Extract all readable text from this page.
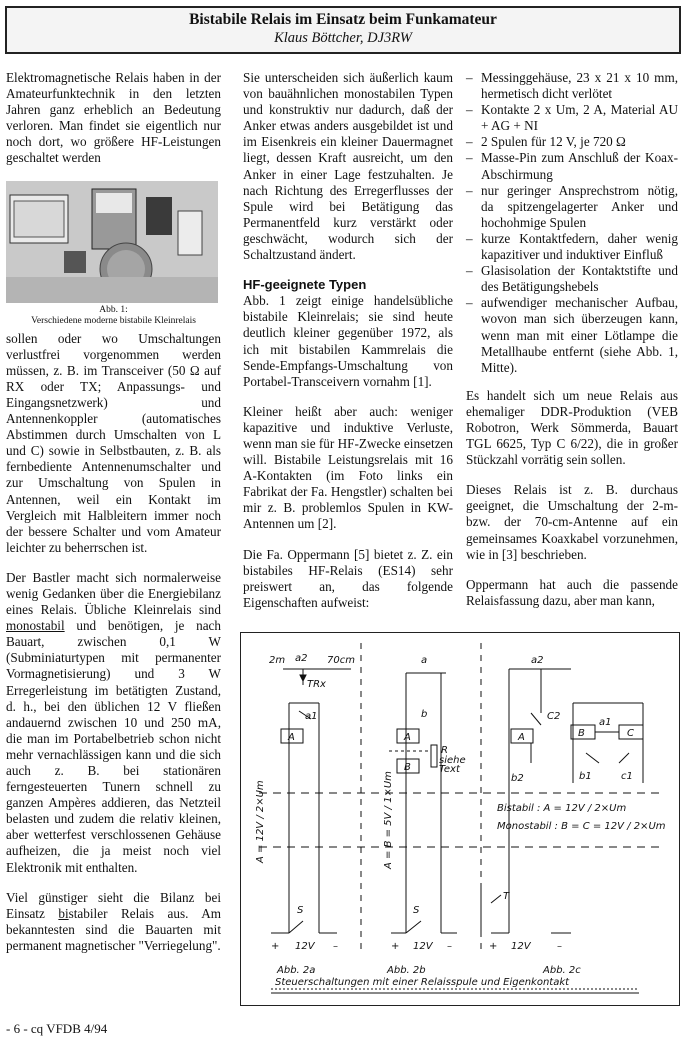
Bistabile Relais im Einsatz beim Funkamateur
Klaus Böttcher, DJ3RW

Elektromagnetische Relais haben in der Amateurfunktechnik in den letzten Jahren ganz erheblich an Bedeutung verloren. Man findet sie eigentlich nur noch dort, wo größere HF-Leistungen geschaltet werden

Abb. 1:
Verschiedene moderne bistabile Kleinrelais

sollen oder wo Umschaltungen verlustfrei vorgenommen werden müssen, z. B. im Transceiver (50 Ω auf RX oder TX; Anpassungs- und Eingangsnetzwerk) und Antennenkoppler (automatisches Abstimmen durch Umschalten von L und C) sowie in Selbstbauten, z. B. als fernbediente Antennenumschalter und zur Umschaltung von Spulen in Antennen, weil ein Kontakt im Vergleich mit Halbleitern immer noch der bessere Schalter und vom Amateur leichter zu beherrschen ist.

Der Bastler macht sich normalerweise wenig Gedanken über die Energiebilanz eines Relais. Übliche Kleinrelais sind monostabil und benötigen, je nach Bauart, zwischen 0,1 W (Subminiaturtypen mit permanenter Vormagnetisierung) und 3 W Erregerleistung im betätigten Zustand, d. h., bei den üblichen 12 V fließen andauernd zwischen 10 und 250 mA, die man im Portabelbetrieb schon nicht mehr vernachlässigen kann und die sich auch z. B. bei stationären ferngesteuerten Tunern schnell zu ganzen Ampères addieren, das Netzteil belasten und zudem die relativ kleinen, aber wetterfest verschlossenen Gehäuse aufheizen, die ja meist noch viel Elektronik mit enthalten.

Viel günstiger sieht die Bilanz bei Einsatz bistabiler Relais aus. Am bekanntesten sind die Bauarten mit permanent magnetischer "Verriegelung".

Sie unterscheiden sich äußerlich kaum von bauähnlichen monostabilen Typen und konstruktiv nur dadurch, daß der Anker etwas anders ausgebildet ist und im Eisenkreis ein kleiner Dauermagnet liegt, dessen Kraft ausreicht, um den Anker in einer Lage festzuhalten. Je nach Richtung des Erregerflusses der Spule wird bei Betätigung das Permanentfeld kurz verstärkt oder geschwächt, wodurch sich der Schaltzustand ändert.

HF-geeignete Typen

Abb. 1 zeigt einige handelsübliche bistabile Kleinrelais; sie sind heute deutlich kleiner gegenüber 1972, als ich mit bistabilen Kammrelais die Sende-Empfangs-Umschaltung von Portabel-Transceivern vornahm [1].

Kleiner heißt aber auch: weniger kapazitive und induktive Verluste, wenn man sie für HF-Zwecke einsetzen will. Bistabile Leistungsrelais mit 16 A-Kontakten (im Foto links ein Fabrikat der Fa. Hengstler) schalten bei mir z. B. problemlos Spulen in KW-Antennen um [2].

Die Fa. Oppermann [5] bietet z. Z. ein bistabiles HF-Relais (ES14) sehr preiswert an, das folgende Eigenschaften aufweist:

– Messinggehäuse, 23 x 21 x 10 mm, hermetisch dicht verlötet
– Kontakte 2 x Um, 2 A, Material AU + AG + NI
– 2 Spulen für 12 V, je 720 Ω
– Masse-Pin zum Anschluß der Koax-Abschirmung
– nur geringer Ansprechstrom nötig, da spitzengelagerter Anker und hochohmige Spulen
– kurze Kontaktfedern, daher wenig kapazitiver und induktiver Einfluß
– Glasisolation der Kontaktstifte und des Betätigungshebels
– aufwendiger mechanischer Aufbau, wovon man sich überzeugen kann, wenn man mit einer Lötlampe die Metallhaube entfernt (siehe Abb. 1, Mitte).

Es handelt sich um neue Relais aus ehemaliger DDR-Produktion (VEB Robotron, Werk Sömmerda, Bauart TGL 6625, Typ C 6/22), die in großer Stückzahl vorrätig sein sollen.

Dieses Relais ist z. B. durchaus geeignet, die Umschaltung der 2-m- bzw. der 70-cm-Antenne auf ein gemeinsames Koaxkabel vorzunehmen, wie in [3] beschrieben.

Oppermann hat auch die passende Relaisfassung dazu, aber man kann,

2m a2 70cm
TRx
a1
A
A = 12V / 2×Um
S
+ 12V –
a
b
A
B
R
siehe
Text
A = B = 5V / 1×Um
S
+ 12V –
a2
C2
A
b2
B
a1
C
b1	c1
Bistabil : A = 12V / 2×Um
Monostabil : B = C = 12V / 2×Um
T
+ 12V	–
Abb. 2a	Abb. 2b	Abb. 2c
Steuerschaltungen mit einer Relaisspule und Eigenkontakt
- 6 - cq VFDB 4/94
